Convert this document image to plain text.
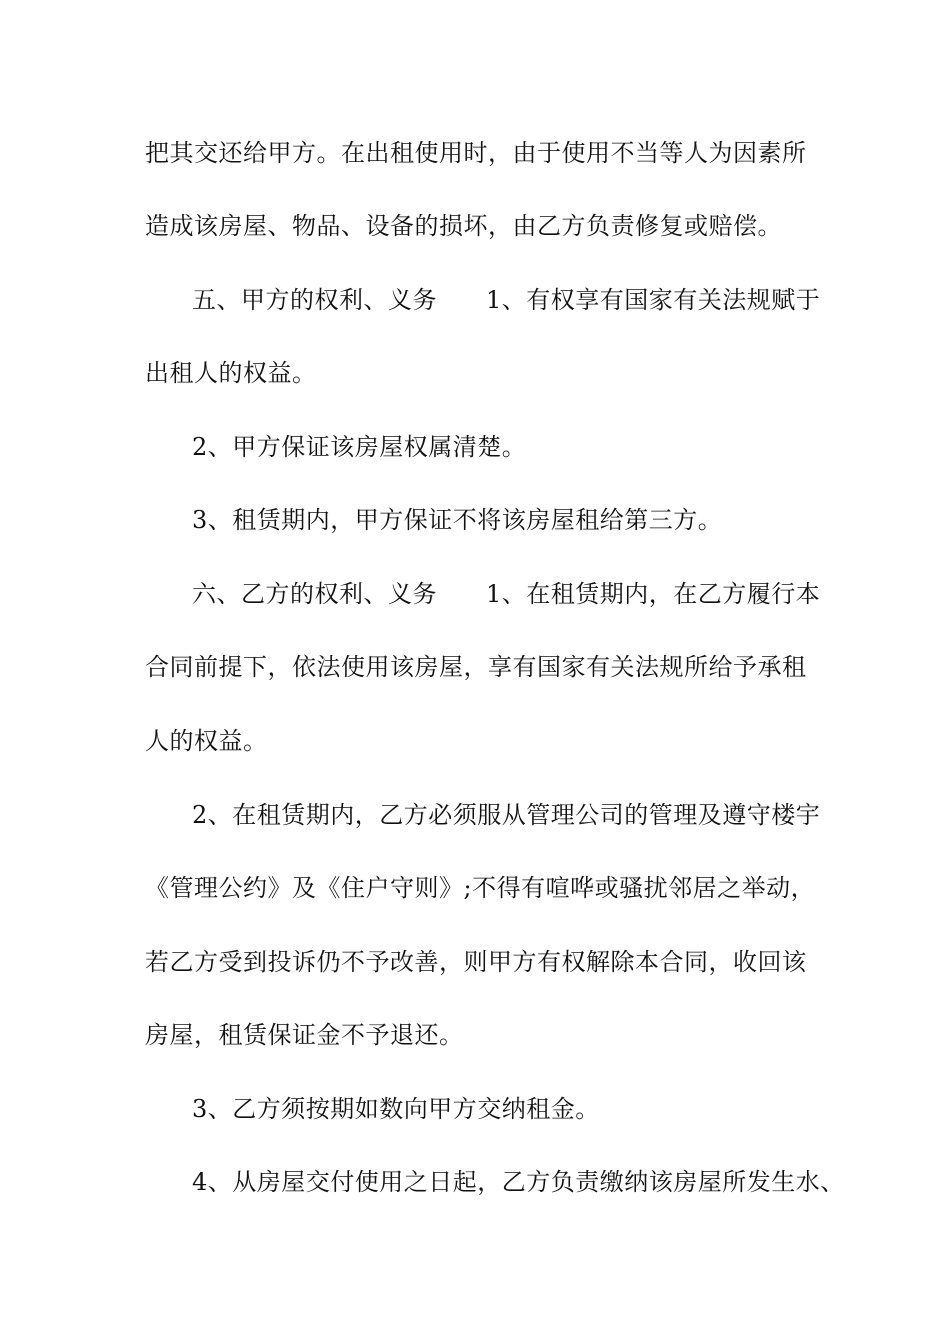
把其交还给甲方。在出租使用时，由于使用不当等人为因素所
造成该房屋、物品、设备的损坏，由乙方负责修复或赔偿。
五、甲方的权利、义务　　1、有权享有国家有关法规赋于
出租人的权益。
2、甲方保证该房屋权属清楚。
3、租赁期内，甲方保证不将该房屋租给第三方。
六、乙方的权利、义务　　1、在租赁期内，在乙方履行本
合同前提下，依法使用该房屋，享有国家有关法规所给予承租
人的权益。
2、在租赁期内，乙方必须服从管理公司的管理及遵守楼宇
《管理公约》及《住户守则》;不得有喧哗或骚扰邻居之举动，
若乙方受到投诉仍不予改善，则甲方有权解除本合同，收回该
房屋，租赁保证金不予退还。
3、乙方须按期如数向甲方交纳租金。
4、从房屋交付使用之日起，乙方负责缴纳该房屋所发生水、
